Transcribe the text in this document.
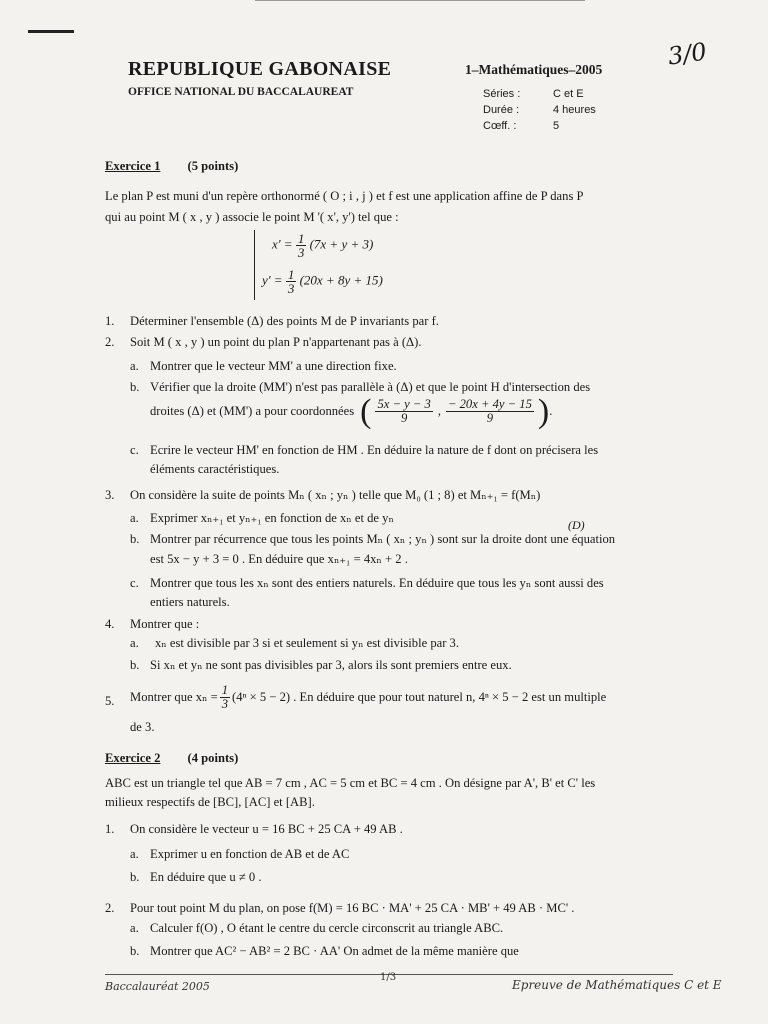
REPUBLIQUE GABONAISE
OFFICE NATIONAL DU BACCALAUREAT
1–Mathématiques–2005	3/0
Séries :	C et E
Durée :	4 heures
Cœff. :	5
Exercice 1 (5 points)
Le plan P est muni d'un repère orthonormé ( O ; i , j ) et f est une application affine de P dans P
qui au point M ( x , y ) associe le point M '( x', y') tel que :
$x' = \frac{1}{3} (7x + y + 3)$
$y' = \frac{1}{3} (20x + 8y + 15)$
1. Déterminer l'ensemble (Δ) des points M de P invariants par f.
2. Soit M ( x , y ) un point du plan P n'appartenant pas à (Δ).
a. Montrer que le vecteur MM' a une direction fixe.
b. Vérifier que la droite (MM') n'est pas parallèle à (Δ) et que le point H d'intersection des
droites (Δ) et (MM') a pour coordonnées ( $\frac{5x - y - 3}{9}$ , $\frac{- 20x + 4y - 15}{9}$ ) .
c. Ecrire le vecteur HM' en fonction de HM . En déduire la nature de f dont on précisera les
éléments caractéristiques.
3. On considère la suite de points Mₙ ( xₙ ; yₙ ) telle que M₀ (1 ; 8) et Mₙ₊₁ = f(Mₙ)
a. Exprimer xₙ₊₁ et yₙ₊₁ en fonction de xₙ et de yₙ	(D)
b. Montrer par récurrence que tous les points Mₙ ( xₙ ; yₙ ) sont sur la droite dont une équation
est 5x − y + 3 = 0 . En déduire que xₙ₊₁ = 4xₙ + 2 .
c. Montrer que tous les xₙ sont des entiers naturels. En déduire que tous les yₙ sont aussi des
entiers naturels.
4. Montrer que :
a. xₙ est divisible par 3 si et seulement si yₙ est divisible par 3.
b. Si xₙ et yₙ ne sont pas divisibles par 3, alors ils sont premiers entre eux.
5. Montrer que $x_n = \frac{1}{3} (4^n \times 5 - 2)$ . En déduire que pour tout naturel n, 4ⁿ × 5 − 2 est un multiple
de 3.
Exercice 2 (4 points)
ABC est un triangle tel que AB = 7 cm , AC = 5 cm et BC = 4 cm . On désigne par A', B' et C' les
milieux respectifs de [BC], [AC] et [AB].
1. On considère le vecteur u = 16 BC + 25 CA + 49 AB .
a. Exprimer u en fonction de AB et de AC
b. En déduire que u ≠ 0 .
2. Pour tout point M du plan, on pose f(M) = 16 BC · MA' + 25 CA · MB' + 49 AB · MC' .
a. Calculer f(O) , O étant le centre du cercle circonscrit au triangle ABC.
b. Montrer que AC² − AB² = 2 BC · AA' On admet de la même manière que
Baccalauréat 2005
1/3
Epreuve de Mathématiques C et E
